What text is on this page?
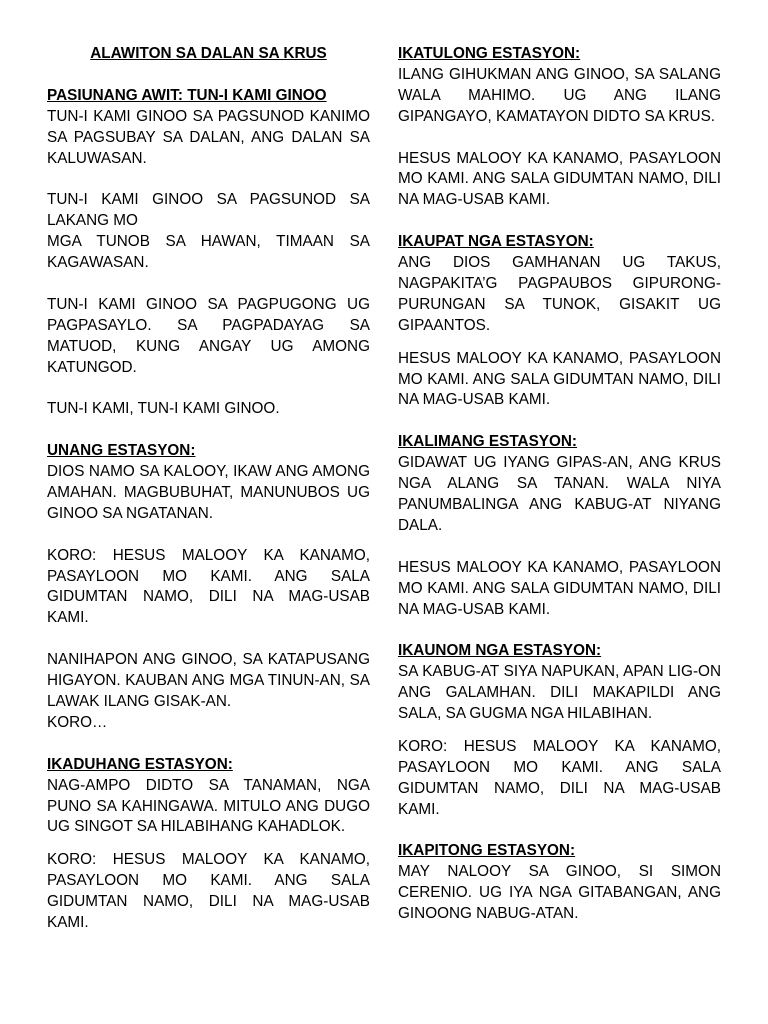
ALAWITON SA DALAN SA KRUS
PASIUNANG AWIT: TUN-I KAMI GINOO
TUN-I KAMI GINOO SA PAGSUNOD KANIMO SA PAGSUBAY SA DALAN, ANG DALAN SA KALUWASAN.
TUN-I KAMI GINOO SA PAGSUNOD SA LAKANG MO
MGA TUNOB SA HAWAN, TIMAAN SA KAGAWASAN.
TUN-I KAMI GINOO SA PAGPUGONG UG PAGPASAYLO. SA PAGPADAYAG SA MATUOD, KUNG ANGAY UG AMONG KATUNGOD.
TUN-I KAMI, TUN-I KAMI GINOO.
UNANG ESTASYON:
DIOS NAMO SA KALOOY, IKAW ANG AMONG AMAHAN. MAGBUBUHAT, MANUNUBOS UG GINOO SA NGATANAN.
KORO: HESUS MALOOY KA KANAMO, PASAYLOON MO KAMI. ANG SALA GIDUMTAN NAMO, DILI NA MAG-USAB KAMI.
NANIHAPON ANG GINOO, SA KATAPUSANG HIGAYON. KAUBAN ANG MGA TINUN-AN, SA LAWAK ILANG GISAK-AN.
KORO…
IKADUHANG ESTASYON:
NAG-AMPO DIDTO SA TANAMAN, NGA PUNO SA KAHINGAWA. MITULO ANG DUGO UG SINGOT SA HILABIHANG KAHADLOK.
KORO: HESUS MALOOY KA KANAMO, PASAYLOON MO KAMI. ANG SALA GIDUMTAN NAMO, DILI NA MAG-USAB KAMI.
IKATULONG ESTASYON:
ILANG GIHUKMAN ANG GINOO, SA SALANG WALA MAHIMO. UG ANG ILANG GIPANGAYO, KAMATAYON DIDTO SA KRUS.
HESUS MALOOY KA KANAMO, PASAYLOON MO KAMI. ANG SALA GIDUMTAN NAMO, DILI NA MAG-USAB KAMI.
IKAUPAT NGA ESTASYON:
ANG DIOS GAMHANAN UG TAKUS, NAGPAKITA’G PAGPAUBOS GIPURONG-PURUNGAN SA TUNOK, GISAKIT UG GIPAANTOS.
HESUS MALOOY KA KANAMO, PASAYLOON MO KAMI. ANG SALA GIDUMTAN NAMO, DILI NA MAG-USAB KAMI.
IKALIMANG ESTASYON:
GIDAWAT UG IYANG GIPAS-AN, ANG KRUS NGA ALANG SA TANAN. WALA NIYA PANUMBALINGA ANG KABUG-AT NIYANG DALA.
HESUS MALOOY KA KANAMO, PASAYLOON MO KAMI. ANG SALA GIDUMTAN NAMO, DILI NA MAG-USAB KAMI.
IKAUNOM NGA ESTASYON:
SA KABUG-AT SIYA NAPUKAN, APAN LIG-ON ANG GALAMHAN. DILI MAKAPILDI ANG SALA, SA GUGMA NGA HILABIHAN.
KORO: HESUS MALOOY KA KANAMO, PASAYLOON MO KAMI. ANG SALA GIDUMTAN NAMO, DILI NA MAG-USAB KAMI.
IKAPITONG ESTASYON:
MAY NALOOY SA GINOO, SI SIMON CERENIO. UG IYA NGA GITABANGAN, ANG GINOONG NABUG-ATAN.
